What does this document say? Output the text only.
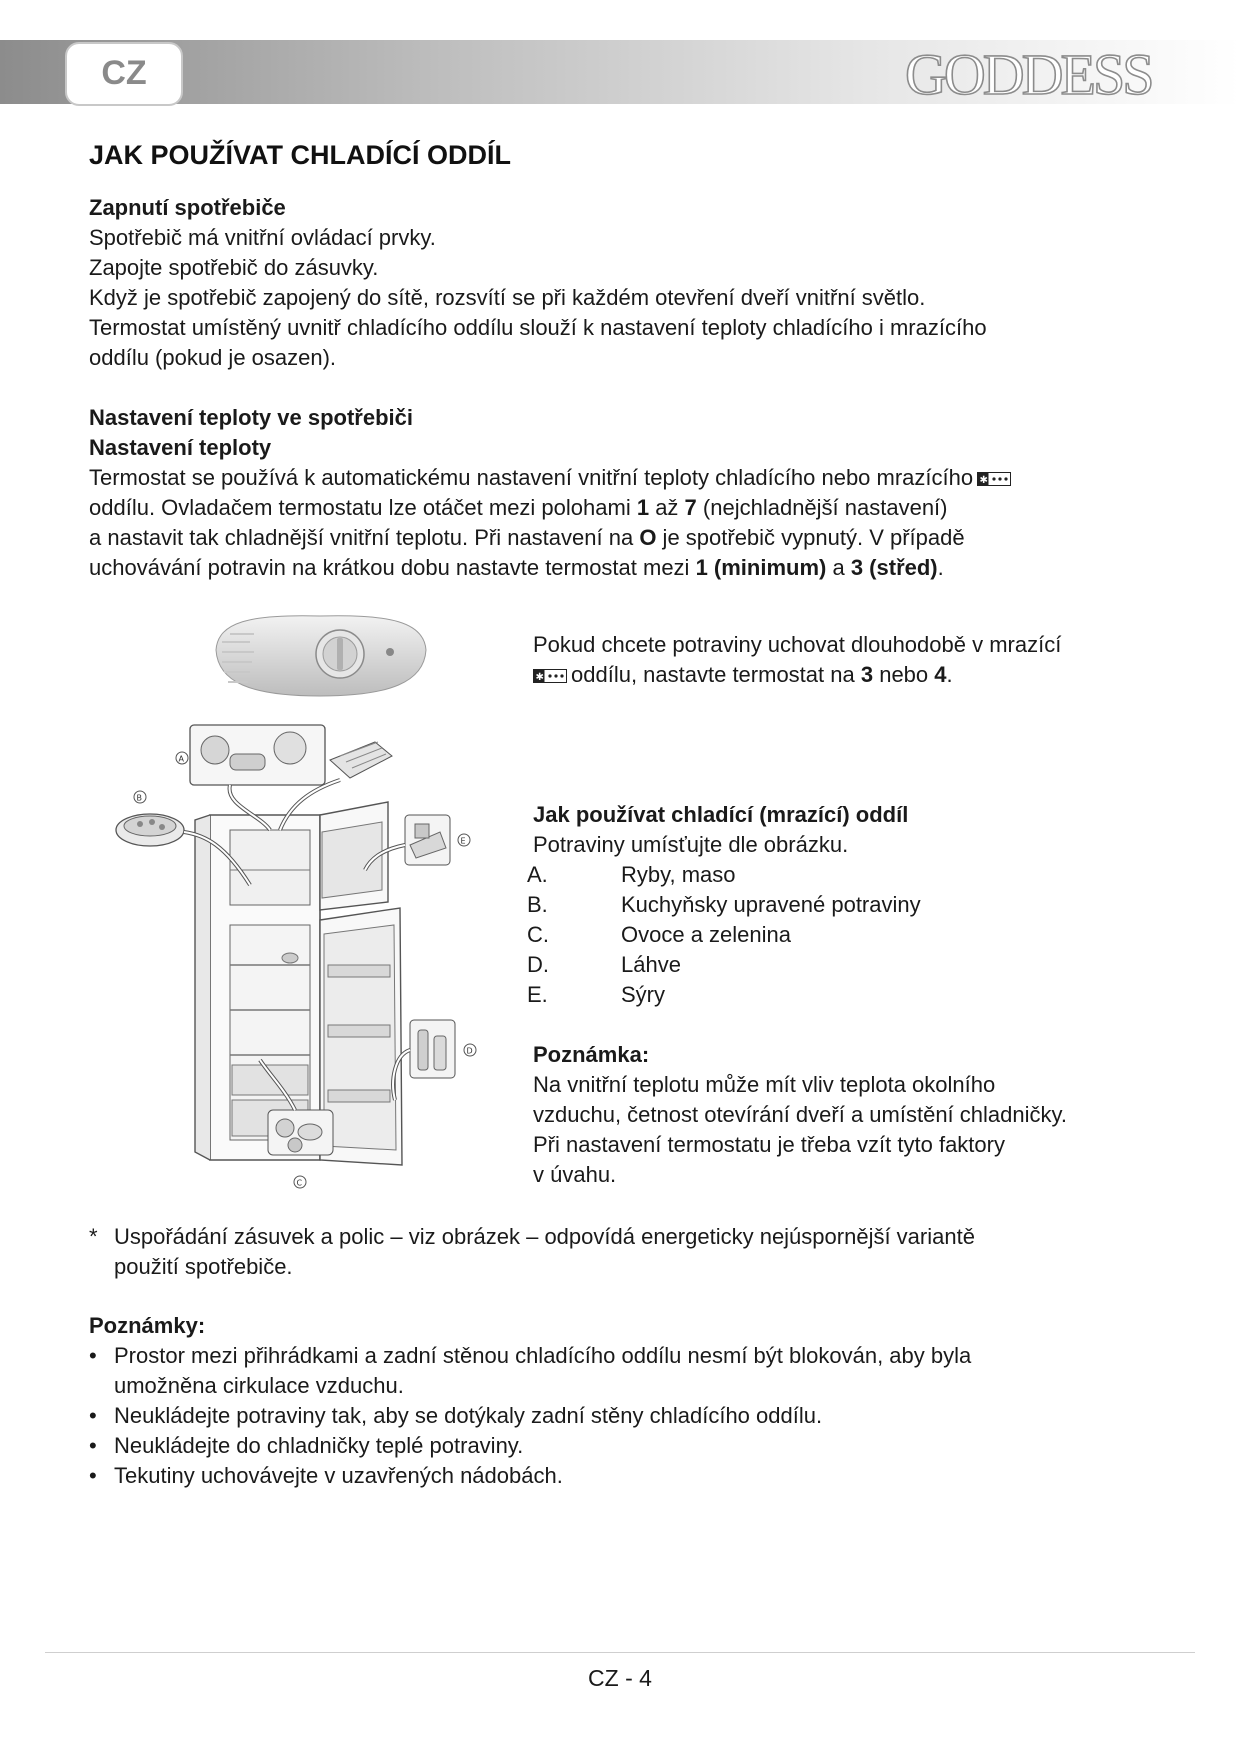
CZ	GODDESS
JAK POUŽÍVAT CHLADÍCÍ ODDÍL

Zapnutí spotřebiče

Spotřebič má vnitřní ovládací prvky.

Zapojte spotřebič do zásuvky.

Když je spotřebič zapojený do sítě, rozsvítí se při každém otevření dveří vnitřní světlo.

Termostat umístěný uvnitř chladícího oddílu slouží k nastavení teploty chladícího i mrazícího

oddílu (pokud je osazen).

Nastavení teploty ve spotřebiči

Nastavení teploty

Termostat se používá k automatickému nastavení vnitřní teploty chladícího nebo mrazícího ✱

oddílu. Ovladačem termostatu lze otáčet mezi polohami 1 až 7 (nejchladnější nastavení)

a nastavit tak chladnější vnitřní teplotu. Při nastavení na O je spotřebič vypnutý. V případě

uchovávání potravin na krátkou dobu nastavte termostat mezi 1 (minimum) a 3 (střed).

Pokud chcete potraviny uchovat dlouhodobě v mrazící

✱ oddílu, nastavte termostat na 3 nebo 4.

A
B
C
D
E

Jak používat chladící (mrazící) oddíl

Potraviny umísťujte dle obrázku.

A.	Ryby, maso
B.	Kuchyňsky upravené potraviny
C.	Ovoce a zelenina
D.	Láhve
E.	Sýry

Poznámka:

Na vnitřní teplotu může mít vliv teplota okolního

vzduchu, četnost otevírání dveří a umístění chladničky.

Při nastavení termostatu je třeba vzít tyto faktory

v úvahu.

* Uspořádání zásuvek a polic – viz obrázek – odpovídá energeticky nejúspornější variantě
použití spotřebiče.

Poznámky:

• Prostor mezi přihrádkami a zadní stěnou chladícího oddílu nesmí být blokován, aby byla
umožněna cirkulace vzduchu.
• Neukládejte potraviny tak, aby se dotýkaly zadní stěny chladícího oddílu.
• Neukládejte do chladničky teplé potraviny.
• Tekutiny uchovávejte v uzavřených nádobách.
CZ - 4
